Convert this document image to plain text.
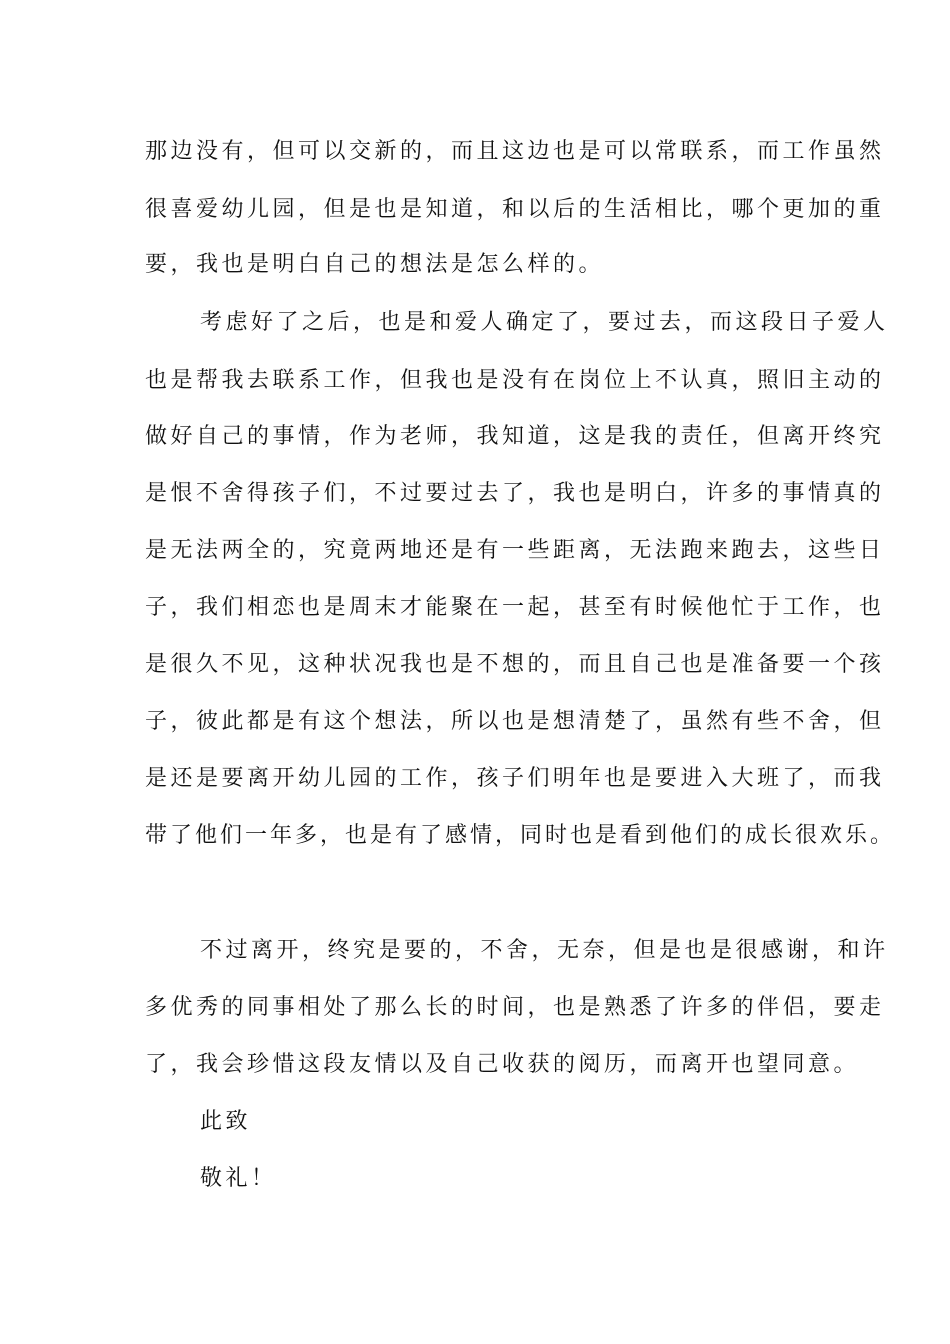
那边没有，但可以交新的，而且这边也是可以常联系，而工作虽然
很喜爱幼儿园，但是也是知道，和以后的生活相比，哪个更加的重
要，我也是明白自己的想法是怎么样的。
考虑好了之后，也是和爱人确定了，要过去，而这段日子爱人
也是帮我去联系工作，但我也是没有在岗位上不认真，照旧主动的
做好自己的事情，作为老师，我知道，这是我的责任，但离开终究
是恨不舍得孩子们，不过要过去了，我也是明白，许多的事情真的
是无法两全的，究竟两地还是有一些距离，无法跑来跑去，这些日
子，我们相恋也是周末才能聚在一起，甚至有时候他忙于工作，也
是很久不见，这种状况我也是不想的，而且自己也是准备要一个孩
子，彼此都是有这个想法，所以也是想清楚了，虽然有些不舍，但
是还是要离开幼儿园的工作，孩子们明年也是要进入大班了，而我
带了他们一年多，也是有了感情，同时也是看到他们的成长很欢乐。
不过离开，终究是要的，不舍，无奈，但是也是很感谢，和许
多优秀的同事相处了那么长的时间，也是熟悉了许多的伴侣，要走
了，我会珍惜这段友情以及自己收获的阅历，而离开也望同意。
此致
敬礼！
